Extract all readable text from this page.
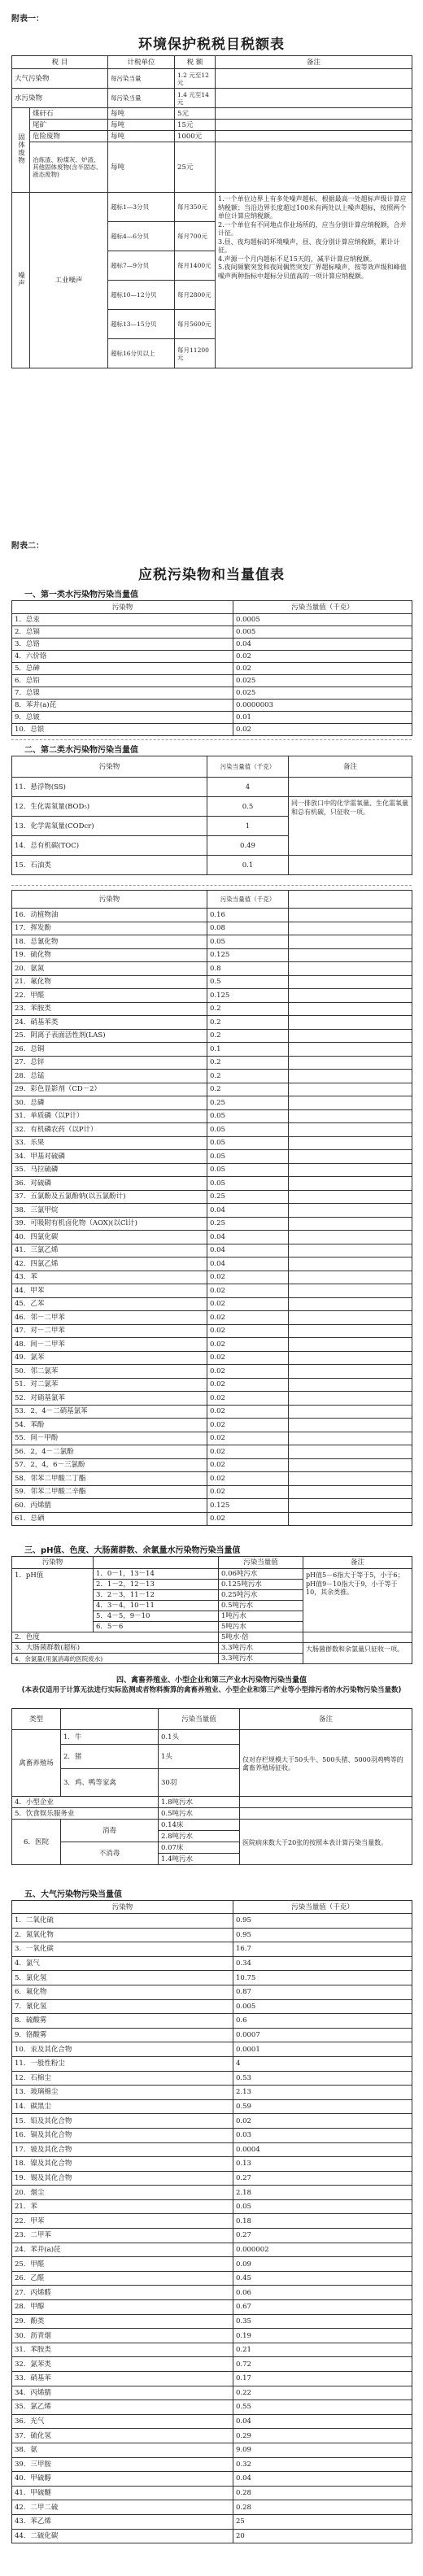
附表一：
环境保护税税目税额表
税 目		计税单位	税 额	备注
大气污染物		每污染当量	1.2 元至12元	
水污染物		每污染当量	1.4 元至14元	
固体废物	煤矸石	每吨	5元	
	尾矿	每吨	15元	
	危险废物	每吨	1000元	
	冶炼渣、粉煤灰、炉渣、其他固体废物(含半固态、液态废物)	每吨	25元	
噪声	工业噪声	超标1—3分贝	每月350元	1.一个单位边界上有多处噪声超标，根据最高一处超标声级计算应纳税额；当沿边界长度超过100米有两处以上噪声超标，按照两个单位计算应纳税额。
2.一个单位有不同地点作业场所的，应当分别计算应纳税额，合并计征。
3.昼、夜均超标的环境噪声，昼、夜分别计算应纳税额，累计计征。
4.声源一个月内超标不足15天的，减半计算应纳税额。
5.夜间频繁突发和夜间偶然突发厂界超标噪声，按等效声级和峰值噪声两种指标中超标分贝值高的一项计算应纳税额。
		超标4—6分贝	每月700元	
		超标7—9分贝	每月1400元	
		超标10—12分贝	每月2800元	
		超标13—15分贝	每月5600元	
		超标16分贝以上	每月11200元	
附表二：
应税污染物和当量值表
一、第一类水污染物污染当量值
污染物	污染当量值（千克）
1．总汞	0.0005
2．总镉	0.005
3．总铬	0.04
4．六价铬	0.02
5．总砷	0.02
6．总铅	0.025
7．总镍	0.025
8．苯并(a)芘	0.0000003
9．总铍	0.01
10．总银	0.02
二、第二类水污染物污染当量值
污染物	污染当量值（千克）	备注
11．悬浮物(SS)	4	
12．生化需氧量(BOD₅)	0.5	同一排放口中的化学需氧量、生化需氧量和总有机碳，只征收一项。
13．化学需氧量(CODcr)	1	
14．总有机碳(TOC)	0.49	
15．石油类	0.1	
污染物	污染当量值（千克）	
16．动植物油	0.16	
17．挥发酚	0.08	
18．总氰化物	0.05	
19．硫化物	0.125	
20．氨氮	0.8	
21．氟化物	0.5	
22．甲醛	0.125	
23．苯胺类	0.2	
24．硝基苯类	0.2	
25．阴离子表面活性剂(LAS)	0.2	
26．总铜	0.1	
27．总锌	0.2	
28．总锰	0.2	
29．彩色显影剂（CD－2）	0.2	
30．总磷	0.25	
31．单质磷（以P计）	0.05	
32．有机磷农药（以P计）	0.05	
33．乐果	0.05	
34．甲基对硫磷	0.05	
35．马拉硫磷	0.05	
36．对硫磷	0.05	
37．五氯酚及五氯酚钠(以五氯酚计)	0.25	
38．三氯甲烷	0.04	
39．可吸附有机卤化物（AOX)(以Cl计)	0.25	
40．四氯化碳	0.04	
41．三氯乙烯	0.04	
42．四氯乙烯	0.04	
43．苯	0.02	
44．甲苯	0.02	
45．乙苯	0.02	
46．邻－二甲苯	0.02	
47．对－二甲苯	0.02	
48．间－二甲苯	0.02	
49．氯苯	0.02	
50．邻二氯苯	0.02	
51．对二氯苯	0.02	
52．对硝基氯苯	0.02	
53．2，4－二硝基氯苯	0.02	
54．苯酚	0.02	
55．间－甲酚	0.02	
56．2，4－二氯酚	0.02	
57．2，4，6－三氯酚	0.02	
58．邻苯二甲酸二丁酯	0.02	
59．邻苯二甲酸二辛酯	0.02	
60．丙烯腈	0.125	
61．总硒	0.02	
三、pH值、色度、大肠菌群数、余氯量水污染物污染当量值
污染物		污染当量值	备注
1．pH值	1．0－1，13－14	0.06吨污水	pH值5－6指大于等于5，小于6；pH值9－10指大于9，小于等于10，其余类推。
	2．1－2，12－13	0.125吨污水	
	3．2－3，11－12	0.25吨污水	
	4．3－4，10－11	0.5吨污水	
	5．4－5，9－10	1吨污水	
	6．5－6	5吨污水	
2．色度		5吨水·倍	
3．大肠菌群数(超标)		3.3吨污水	大肠菌群数和余氯量只征收一项。
4．余氯量(用氯消毒的医院废水)		3.3吨污水	
四、禽畜养殖业、小型企业和第三产业水污染物污染当量值
(本表仅适用于计算无法进行实际监测或者物料衡算的禽畜养殖业、小型企业和第三产业等小型排污者的水污染物污染当量数)
类型		污染当量值	备注
禽畜养殖场	1．牛	0.1头	仅对存栏规模大于50头牛、500头猪、5000羽鸡鸭等的禽畜养殖场征收。
	2．猪	1头	
	3．鸡、鸭等家禽	30羽	
4．小型企业		1.8吨污水	
5．饮食娱乐服务业		0.5吨污水	
6．医院	消毒	0.14床	医院病床数大于20张的按照本表计算污染当量数。
		2.8吨污水	
	不消毒	0.07床	
		1.4吨污水	
五、大气污染物污染当量值
污染物	污染当量值（千克）
1．二氧化硫	0.95
2．氮氧化物	0.95
3．一氧化碳	16.7
4．氯气	0.34
5．氯化氢	10.75
6．氟化物	0.87
7．氰化氢	0.005
8．硫酸雾	0.6
9．铬酸雾	0.0007
10．汞及其化合物	0.0001
11．一般性粉尘	4
12．石棉尘	0.53
13．玻璃棉尘	2.13
14．碳黑尘	0.59
15．铅及其化合物	0.02
16．镉及其化合物	0.03
17．铍及其化合物	0.0004
18．镍及其化合物	0.13
19．锡及其化合物	0.27
20．烟尘	2.18
21．苯	0.05
22．甲苯	0.18
23．二甲苯	0.27
24．苯并(a)芘	0.000002
25．甲醛	0.09
26．乙醛	0.45
27．丙烯醛	0.06
28．甲醇	0.67
29．酚类	0.35
30．沥青烟	0.19
31．苯胺类	0.21
32．氯苯类	0.72
33．硝基苯	0.17
34．丙烯腈	0.22
35．氯乙烯	0.55
36．光气	0.04
37．硫化氢	0.29
38．氨	9.09
39．三甲胺	0.32
40．甲硫醇	0.04
41．甲硫醚	0.28
42．二甲二硫	0.28
43．苯乙烯	25
44．二硫化碳	20
